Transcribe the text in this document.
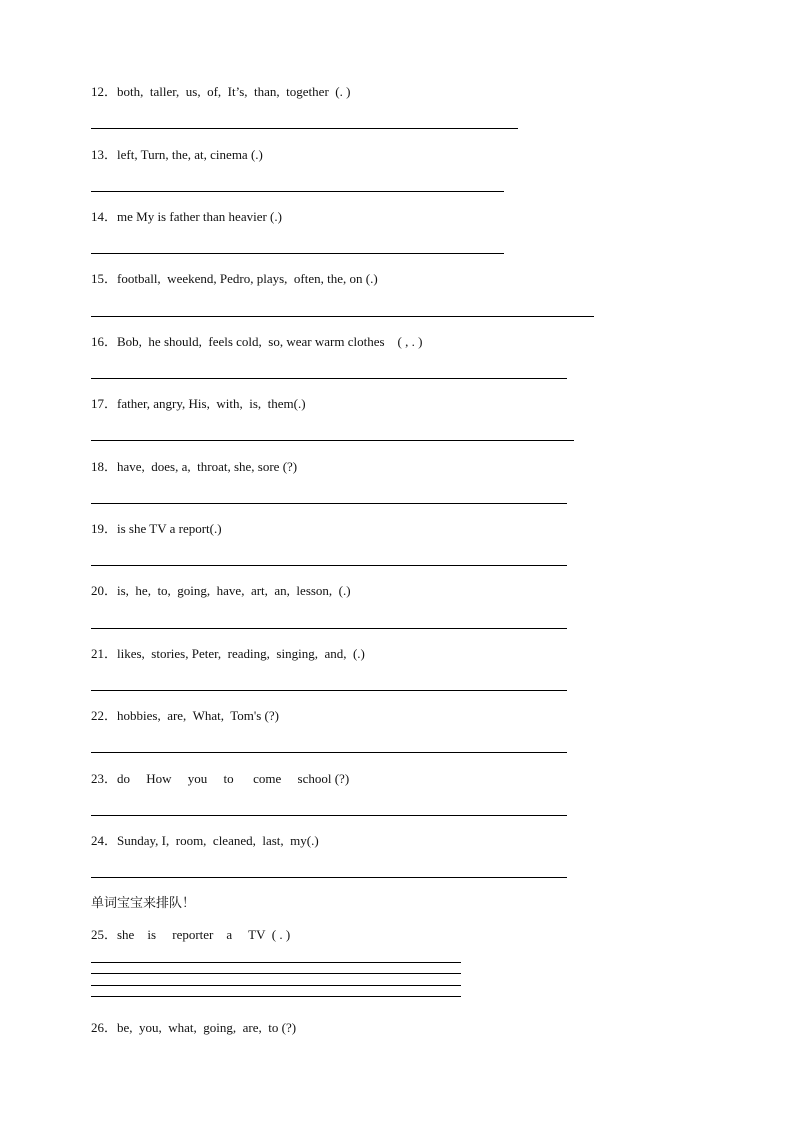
12．both,  taller,  us,  of,  It’s,  than,  together  (. )
13．left, Turn, the, at, cinema (.)
14．me My is father than heavier (.)
15．football,  weekend, Pedro, plays,  often, the, on (.)
16．Bob,  he should,  feels cold,  so, wear warm clothes    ( , . )
17．father, angry, His,  with,  is,  them(.)
18．have,  does, a,  throat, she, sore (?)
19．is she TV a report(.)
20．is,  he,  to,  going,  have,  art,  an,  lesson,  (.)
21．likes,  stories, Peter,  reading,  singing,  and,  (.)
22．hobbies,  are,  What,  Tom's (?)
23．do     How     you     to      come     school (?)
24．Sunday, I,  room,  cleaned,  last,  my(.)
单词宝宝来排队！
25．she    is     reporter    a     TV  ( . )
26．be,  you,  what,  going,  are,  to (?)
